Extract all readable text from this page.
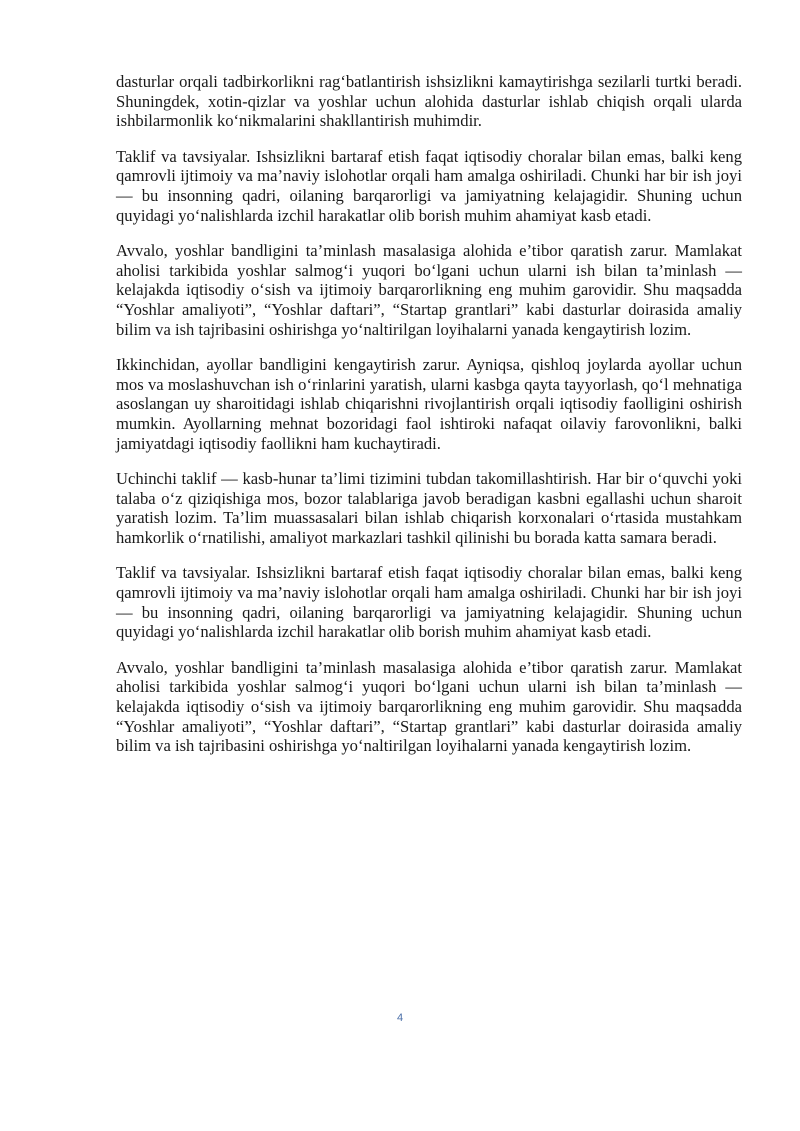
dasturlar orqali tadbirkorlikni rag‘batlantirish ishsizlikni kamaytirishga sezilarli turtki beradi. Shuningdek, xotin-qizlar va yoshlar uchun alohida dasturlar ishlab chiqish orqali ularda ishbilarmonlik ko‘nikmalarini shakllantirish muhimdir.

Taklif va tavsiyalar. Ishsizlikni bartaraf etish faqat iqtisodiy choralar bilan emas, balki keng qamrovli ijtimoiy va ma’naviy islohotlar orqali ham amalga oshiriladi. Chunki har bir ish joyi — bu insonning qadri, oilaning barqarorligi va jamiyatning kelajagidir. Shuning uchun quyidagi yo‘nalishlarda izchil harakatlar olib borish muhim ahamiyat kasb etadi.

Avvalo, yoshlar bandligini ta’minlash masalasiga alohida e’tibor qaratish zarur. Mamlakat aholisi tarkibida yoshlar salmog‘i yuqori bo‘lgani uchun ularni ish bilan ta’minlash — kelajakda iqtisodiy o‘sish va ijtimoiy barqarorlikning eng muhim garovidir. Shu maqsadda “Yoshlar amaliyoti”, “Yoshlar daftari”, “Startap grantlari” kabi dasturlar doirasida amaliy bilim va ish tajribasini oshirishga yo‘naltirilgan loyihalarni yanada kengaytirish lozim.

Ikkinchidan, ayollar bandligini kengaytirish zarur. Ayniqsa, qishloq joylarda ayollar uchun mos va moslashuvchan ish o‘rinlarini yaratish, ularni kasbga qayta tayyorlash, qo‘l mehnatiga asoslangan uy sharoitidagi ishlab chiqarishni rivojlantirish orqali iqtisodiy faolligini oshirish mumkin. Ayollarning mehnat bozoridagi faol ishtiroki nafaqat oilaviy farovonlikni, balki jamiyatdagi iqtisodiy faollikni ham kuchaytiradi.

Uchinchi taklif — kasb-hunar ta’limi tizimini tubdan takomillashtirish. Har bir o‘quvchi yoki talaba o‘z qiziqishiga mos, bozor talablariga javob beradigan kasbni egallashi uchun sharoit yaratish lozim. Ta’lim muassasalari bilan ishlab chiqarish korxonalari o‘rtasida mustahkam hamkorlik o‘rnatilishi, amaliyot markazlari tashkil qilinishi bu borada katta samara beradi.

Taklif va tavsiyalar. Ishsizlikni bartaraf etish faqat iqtisodiy choralar bilan emas, balki keng qamrovli ijtimoiy va ma’naviy islohotlar orqali ham amalga oshiriladi. Chunki har bir ish joyi — bu insonning qadri, oilaning barqarorligi va jamiyatning kelajagidir. Shuning uchun quyidagi yo‘nalishlarda izchil harakatlar olib borish muhim ahamiyat kasb etadi.

Avvalo, yoshlar bandligini ta’minlash masalasiga alohida e’tibor qaratish zarur. Mamlakat aholisi tarkibida yoshlar salmog‘i yuqori bo‘lgani uchun ularni ish bilan ta’minlash — kelajakda iqtisodiy o‘sish va ijtimoiy barqarorlikning eng muhim garovidir. Shu maqsadda “Yoshlar amaliyoti”, “Yoshlar daftari”, “Startap grantlari” kabi dasturlar doirasida amaliy bilim va ish tajribasini oshirishga yo‘naltirilgan loyihalarni yanada kengaytirish lozim.

4
